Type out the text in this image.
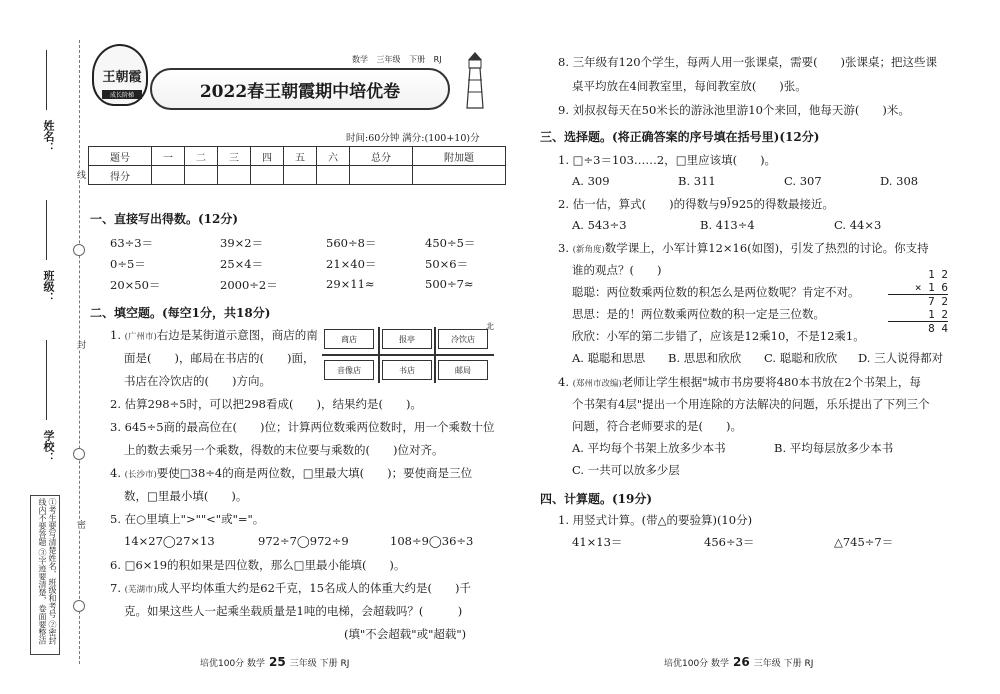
姓名：
班级：
学校：
线
封
密
①考生要写清楚姓名、班级和考号 ②密封线内不要答题 ③字迹要清楚，卷面要整洁
王朝霞
成长阶梯
数学 三年级 下册 RJ
2022春王朝霞期中培优卷
时间:60分钟 满分:(100+10)分
题号	一	二	三	四	五	六	总分	附加题
得分								
一、直接写出得数。(12分)
63÷3＝	39×2＝	560÷8＝	450÷5＝
0÷5＝	25×4＝	21×40＝	50×6＝
20×50＝	2000÷2＝	29×11≈	500÷7≈
二、填空题。(每空1分，共18分)
1. (广州市)右边是某街道示意图，商店的南
面是(　　)，邮局在书店的(　　)面，
书店在冷饮店的(　　)方向。
商店	报亭	冷饮店
音像店	书店	邮局
北
2. 估算298÷5时，可以把298看成(　　)，结果约是(　　)。
3. 645÷5商的最高位在(　　)位；计算两位数乘两位数时，用一个乘数十位
上的数去乘另一个乘数，得数的末位要与乘数的(　　)位对齐。
4. (长沙市)要使□38÷4的商是两位数，□里最大填(　　)；要使商是三位
数，□里最小填(　　)。
5. 在○里填上">""<"或"="。
14×27◯27×13	972÷7◯972÷9	108÷9◯36÷3
6. □6×19的积如果是四位数，那么□里最小能填(　　)。
7. (芜湖市)成人平均体重大约是62千克，15名成人的体重大约是(　　)千
克。如果这些人一起乘坐载质量是1吨的电梯，会超载吗？(　　　)
(填"不会超载"或"超载")
培优100分 数学 25 三年级 下册 RJ
8. 三年级有120个学生，每两人用一张课桌，需要(　　)张课桌；把这些课
桌平均放在4间教室里，每间教室放(　　)张。
9. 刘叔叔每天在50米长的游泳池里游10个来回，他每天游(　　)米。
三、选择题。(将正确答案的序号填在括号里)(12分)
1. □÷3＝103……2，□里应该填(　　)。
A. 309	B. 311	C. 307	D. 308
2. 估一估，算式(　　)的得数与9⟌925的得数最接近。
A. 543÷3	B. 413÷4	C. 44×3
3. (新角度)数学课上，小军计算12×16(如图)，引发了热烈的讨论。你支持
谁的观点？(　　)
聪聪：两位数乘两位数的积怎么是两位数呢？肯定不对。
思思：是的！两位数乘两位数的积一定是三位数。
欣欣：小军的第二步错了，应该是12乘10，不是12乘1。
A. 聪聪和思思 B. 思思和欣欣 C. 聪聪和欣欣 D. 三人说得都对
1 2
× 1 6
7 2
1 2
8 4
4. (郑州市改编)老师让学生根据"城市书房要将480本书放在2个书架上，每
个书架有4层"提出一个用连除的方法解决的问题，乐乐提出了下列三个
问题，符合老师要求的是(　　)。
A. 平均每个书架上放多少本书	B. 平均每层放多少本书
C. 一共可以放多少层
四、计算题。(19分)
1. 用竖式计算。(带△的要验算)(10分)
41×13＝	456÷3＝	△745÷7＝
培优100分 数学 26 三年级 下册 RJ
